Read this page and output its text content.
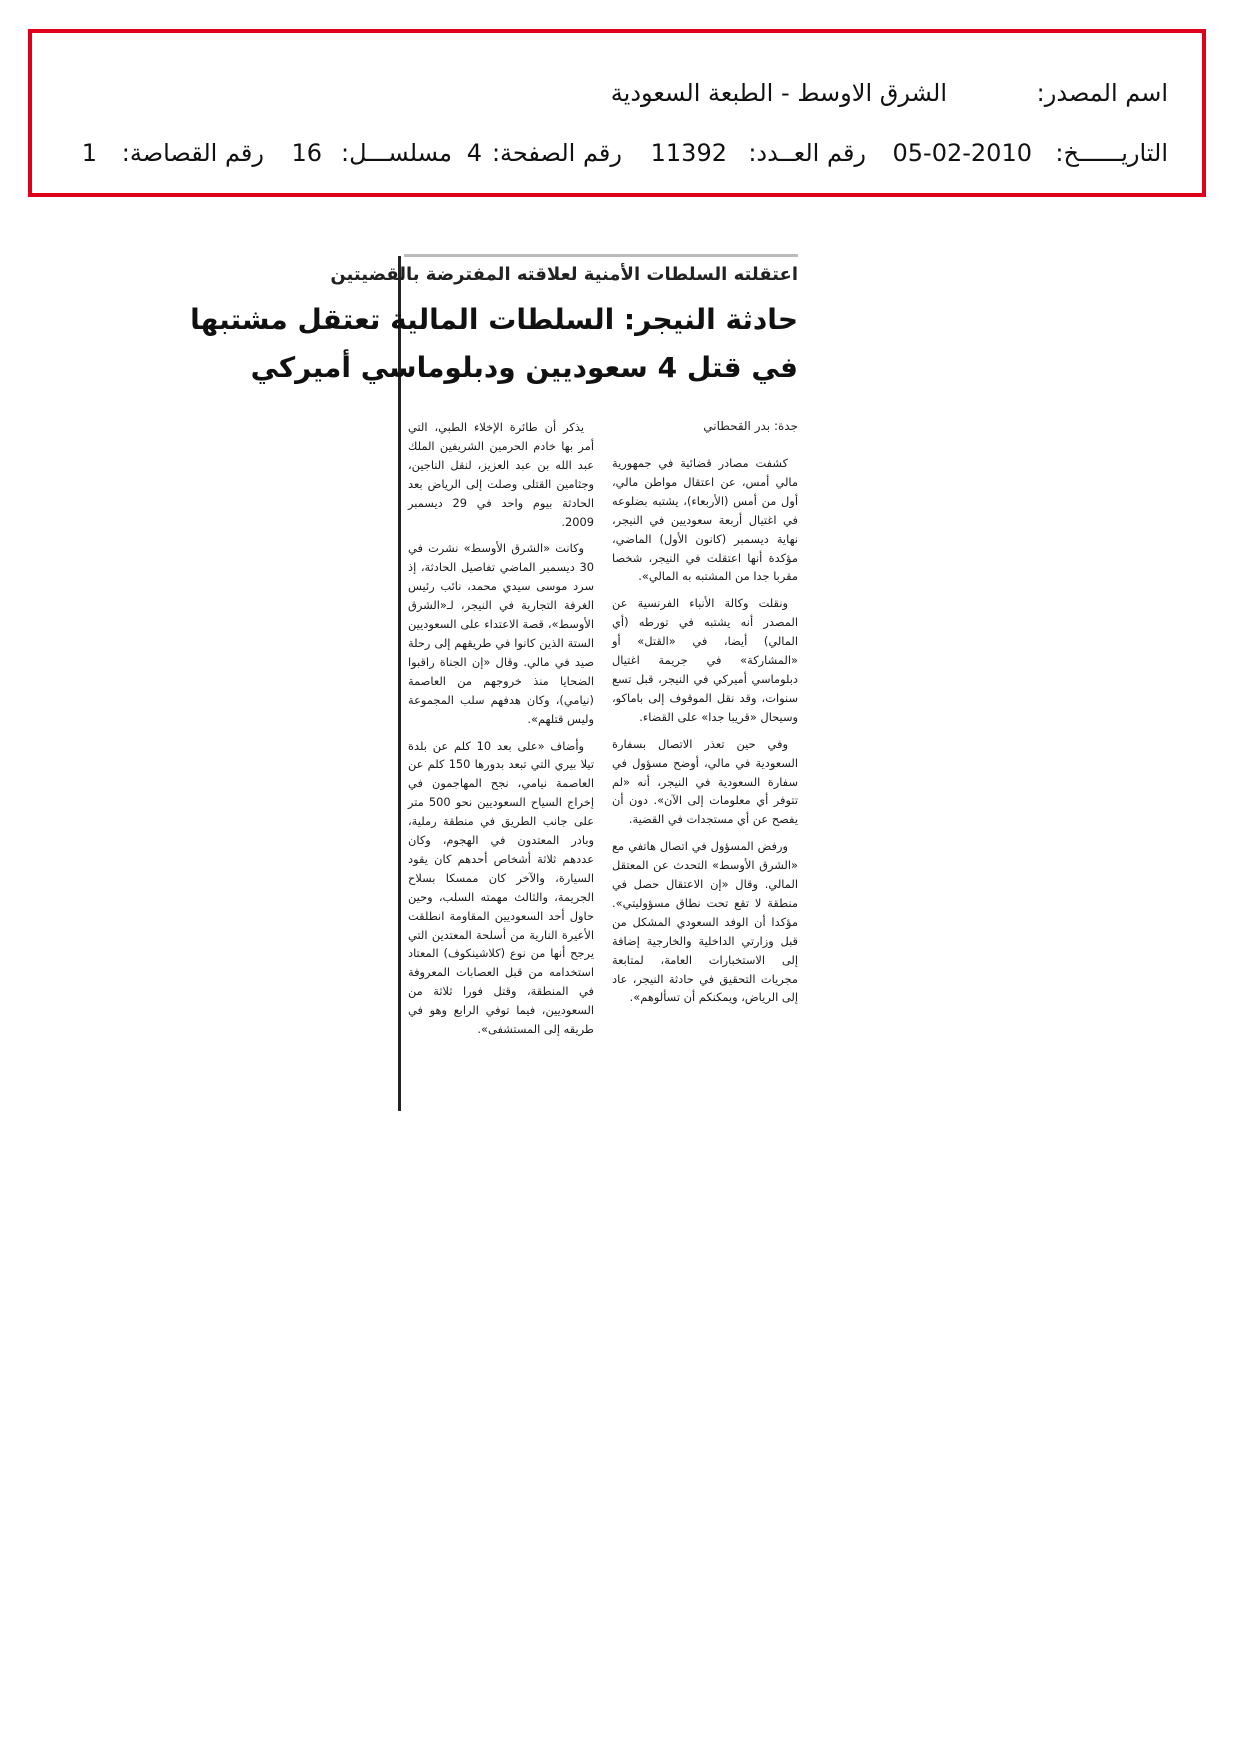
اسم المصدر:
الشرق الاوسط - الطبعة السعودية
التاريــــــخ:
05-02-2010
رقم العــدد:
11392
رقم الصفحة:
4
مسلســـل:
16
رقم القصاصة:
1
اعتقلته السلطات الأمنية لعلاقته المفترضة بالقضيتين
حادثة النيجر: السلطات المالية تعتقل مشتبها
في قتل 4 سعوديين ودبلوماسي أميركي
جدة: بدر القحطاني

كشفت مصادر قضائية في جمهورية مالي أمس، عن اعتقال مواطن مالي، أول من أمس (الأربعاء)، يشتبه بضلوعه في اغتيال أربعة سعوديين في النيجر، نهاية ديسمبر (كانون الأول) الماضي، مؤكدة أنها اعتقلت في النيجر، شخصا مقربا جدا من المشتبه به المالي».

ونقلت وكالة الأنباء الفرنسية عن المصدر أنه يشتبه في تورطه (أي المالي) أيضا، في «القتل» أو «المشاركة» في جريمة اغتيال دبلوماسي أميركي في النيجر، قبل تسع سنوات، وقد نقل الموقوف إلى باماكو، وسيحال «قريبا جدا» على القضاء.

وفي حين تعذر الاتصال بسفارة السعودية في مالي، أوضح مسؤول في سفارة السعودية في النيجر، أنه «لم تتوفر أي معلومات إلى الآن». دون أن يفصح عن أي مستجدات في القضية.

ورفض المسؤول في اتصال هاتفي مع «الشرق الأوسط» التحدث عن المعتقل المالي. وقال «إن الاعتقال حصل في منطقة لا تقع تحت نطاق مسؤوليتي». مؤكدا أن الوفد السعودي المشكل من قبل وزارتي الداخلية والخارجية إضافة إلى الاستخبارات العامة، لمتابعة مجريات التحقيق في حادثة النيجر، عاد إلى الرياض، ويمكنكم أن تسألوهم».

يذكر أن طائرة الإخلاء الطبي، التي أمر بها خادم الحرمين الشريفين الملك عبد الله بن عبد العزيز، لنقل الناجين، وجثامين القتلى وصلت إلى الرياض بعد الحادثة بيوم واحد في 29 ديسمبر 2009.

وكانت «الشرق الأوسط» نشرت في 30 ديسمبر الماضي تفاصيل الحادثة، إذ سرد موسى سيدي محمد، نائب رئيس الغرفة التجارية في النيجر، لـ«الشرق الأوسط»، قصة الاعتداء على السعوديين الستة الذين كانوا في طريقهم إلى رحلة صيد في مالي. وقال «إن الجناة راقبوا الضحايا منذ خروجهم من العاصمة (نيامي)، وكان هدفهم سلب المجموعة وليس قتلهم».

وأضاف «على بعد 10 كلم عن بلدة تيلا بيري التي تبعد بدورها 150 كلم عن العاصمة نيامي، نجح المهاجمون في إخراج السياح السعوديين نحو 500 متر على جانب الطريق في منطقة رملية، وبادر المعتدون في الهجوم، وكان عددهم ثلاثة أشخاص أحدهم كان يقود السيارة، والآخر كان ممسكا بسلاح الجريمة، والثالث مهمته السلب، وحين حاول أحد السعوديين المقاومة انطلقت الأعيرة النارية من أسلحة المعتدين التي يرجح أنها من نوع (كلاشينكوف) المعتاد استخدامه من قبل العصابات المعروفة في المنطقة، وقتل فورا ثلاثة من السعوديين، فيما توفي الرابع وهو في طريقه إلى المستشفى».
